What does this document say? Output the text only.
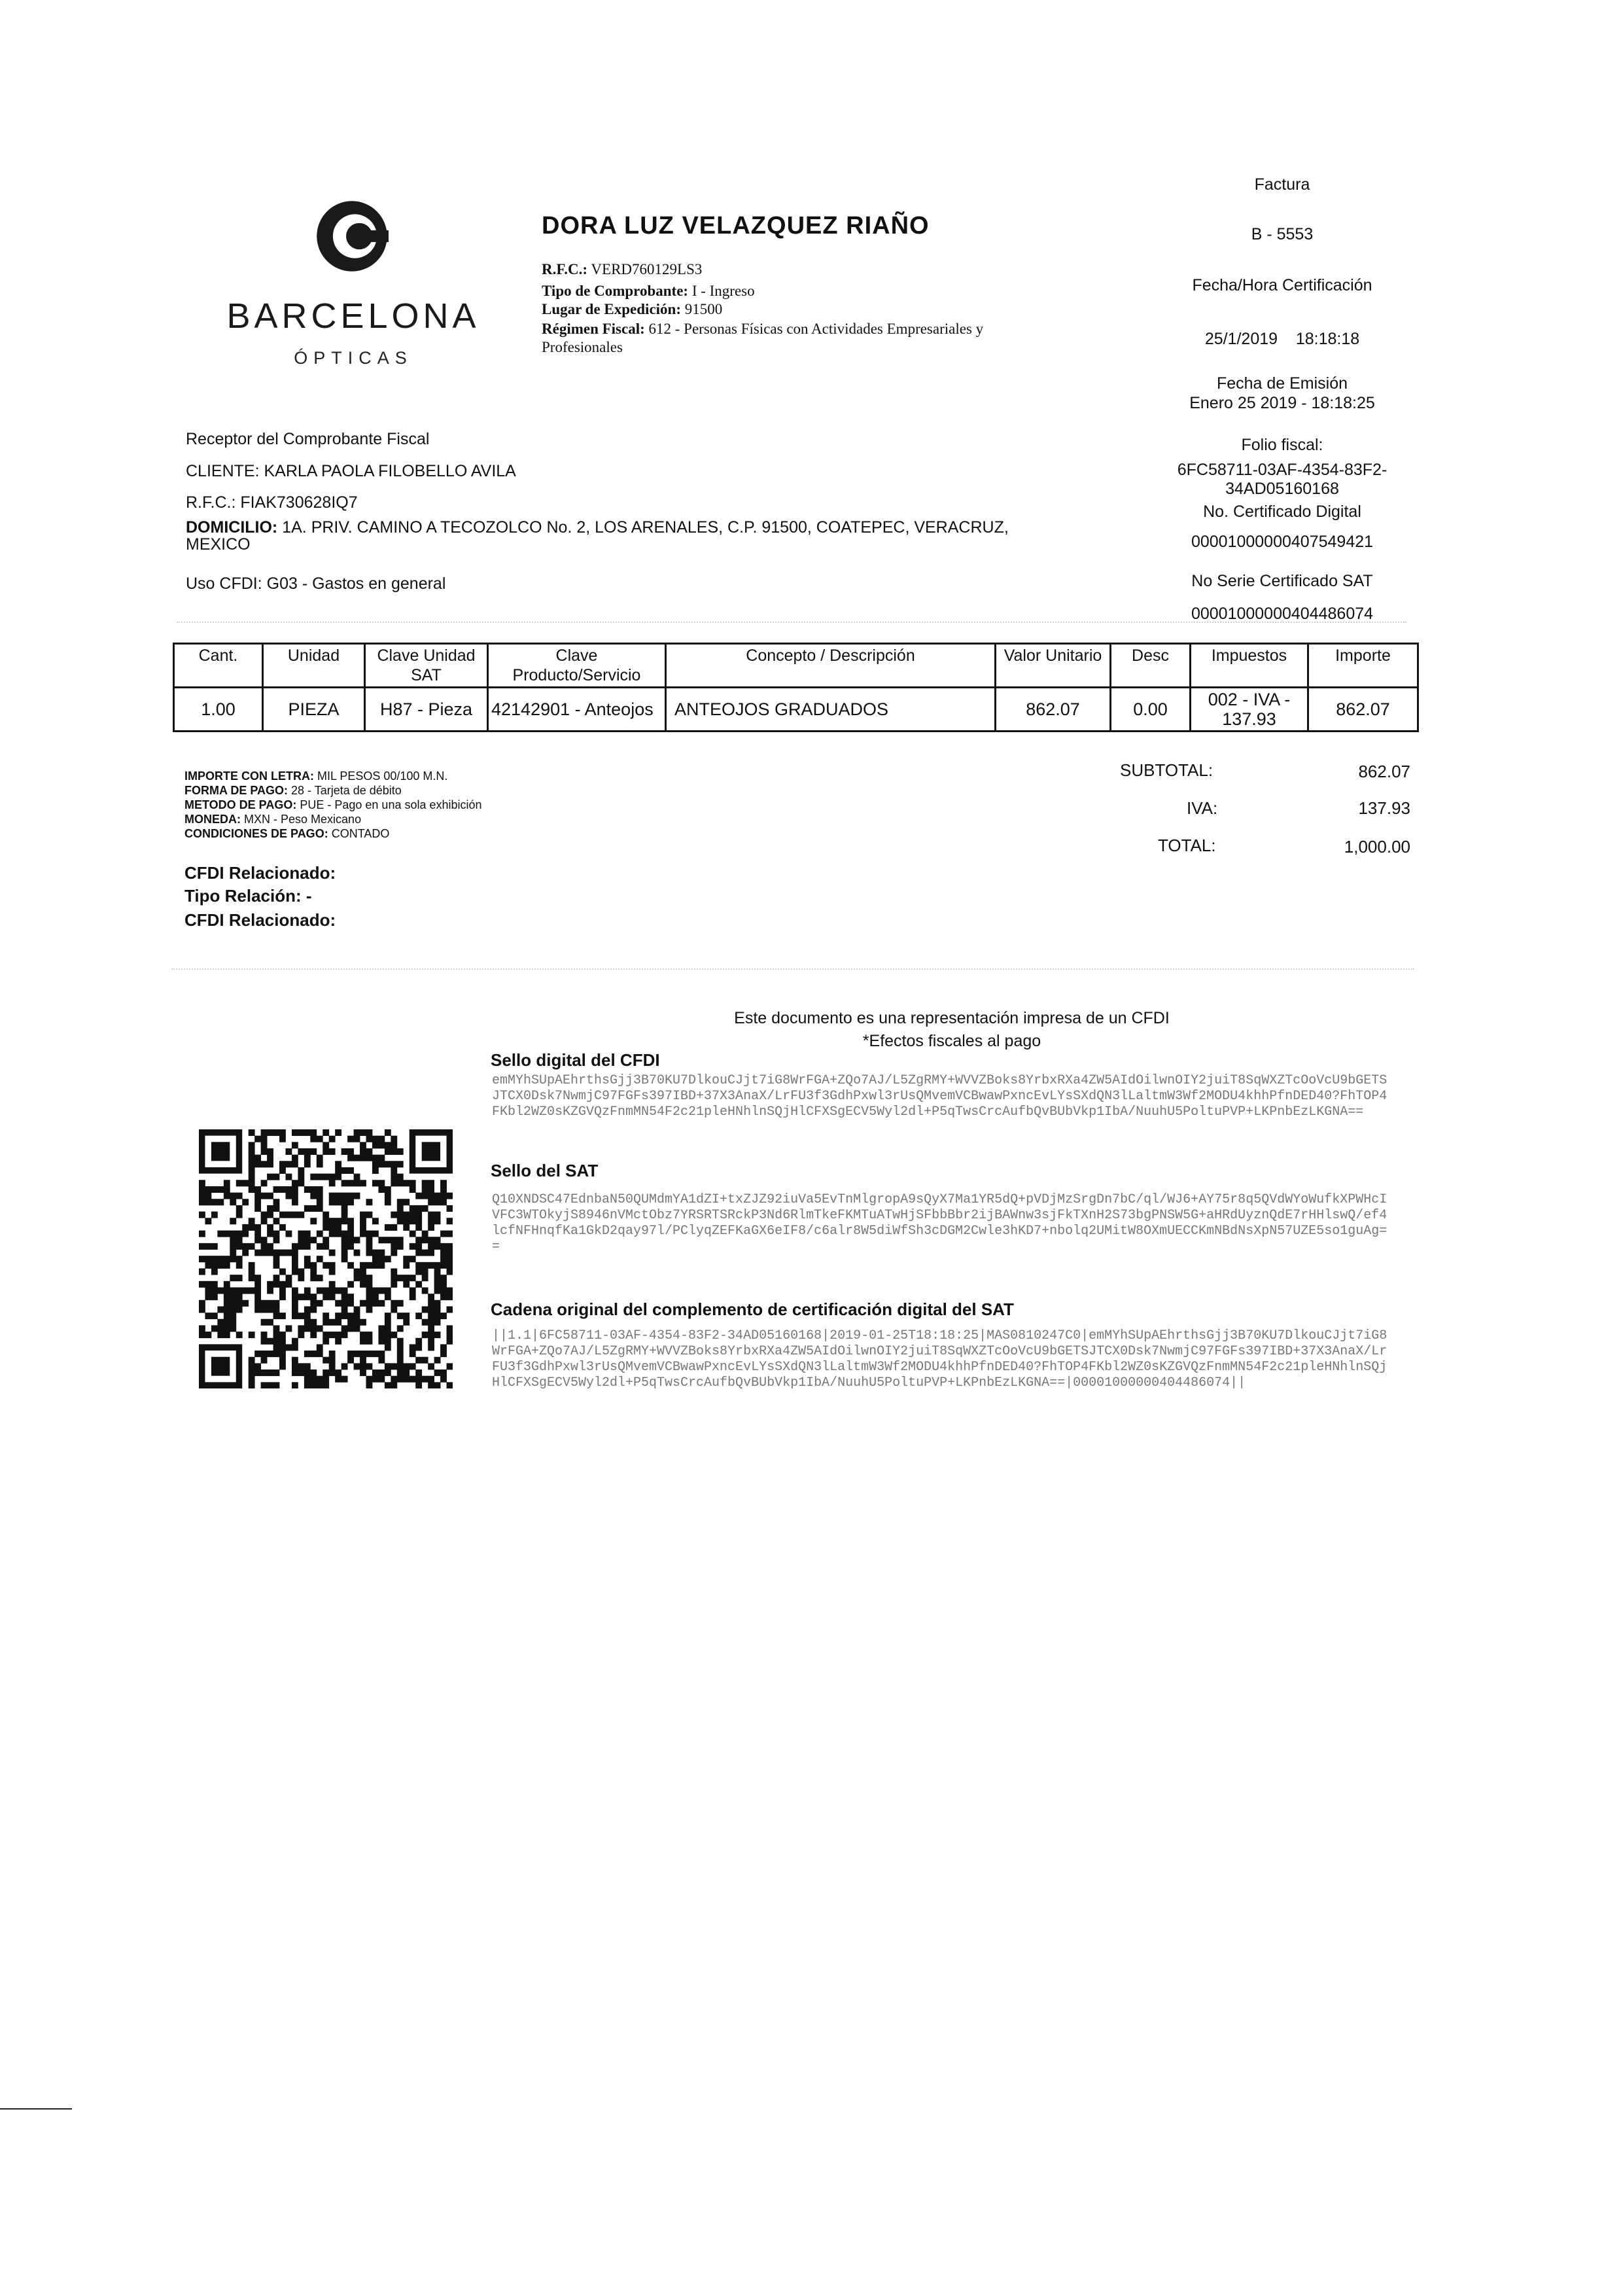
BARCELONA
ÓPTICAS
DORA LUZ VELAZQUEZ RIAÑO
R.F.C.: VERD760129LS3
Tipo de Comprobante: I - Ingreso
Lugar de Expedición: 91500
Régimen Fiscal: 612 - Personas Físicas con Actividades Empresariales y
Profesionales
Factura
B - 5553
Fecha/Hora Certificación
25/1/2019 18:18:18
Fecha de Emisión
Enero 25 2019 - 18:18:25
Folio fiscal:
6FC58711-03AF-4354-83F2-
34AD05160168
No. Certificado Digital
00001000000407549421
No Serie Certificado SAT
00001000000404486074
Receptor del Comprobante Fiscal
CLIENTE: KARLA PAOLA FILOBELLO AVILA
R.F.C.: FIAK730628IQ7
DOMICILIO: 1A. PRIV. CAMINO A TECOZOLCO No. 2, LOS ARENALES, C.P. 91500, COATEPEC, VERACRUZ,
MEXICO
Uso CFDI: G03 - Gastos en general
Cant.	Unidad	Clave Unidad SAT	Clave Producto/Servicio	Concepto / Descripción	Valor Unitario	Desc	Impuestos	Importe
1.00	PIEZA	H87 - Pieza	42142901 - Anteojos	ANTEOJOS GRADUADOS	862.07	0.00	002 - IVA - 137.93	862.07
IMPORTE CON LETRA: MIL PESOS 00/100 M.N.
FORMA DE PAGO: 28 - Tarjeta de débito
METODO DE PAGO: PUE - Pago en una sola exhibición
MONEDA: MXN - Peso Mexicano
CONDICIONES DE PAGO: CONTADO
SUBTOTAL:	862.07
IVA:	137.93
TOTAL:	1,000.00
CFDI Relacionado:
Tipo Relación: -
CFDI Relacionado:
Este documento es una representación impresa de un CFDI
*Efectos fiscales al pago
Sello digital del CFDI
emMYhSUpAEhrthsGjj3B70KU7DlkouCJjt7iG8WrFGA+ZQo7AJ/L5ZgRMY+WVVZBoks8YrbxRXa4ZW5AIdOilwnOIY2juiT8SqWXZTcOoVcU9bGETSJTCX0Dsk7NwmjC97FGFs397IBD+37X3AnaX/LrFU3f3GdhPxwl3rUsQMvemVCBwawPxncEvLYsSXdQN3lLaltmW3Wf2MODU4khhPfnDED40?FhTOP4FKbl2WZ0sKZGVQzFnmMN54F2c21pleHNhlnSQjHlCFXSgECV5Wyl2dl+P5qTwsCrcAufbQvBUbVkp1IbA/NuuhU5PoltuPVP+LKPnbEzLKGNA==
Sello del SAT
Q10XNDSC47EdnbaN50QUMdmYA1dZI+txZJZ92iuVa5EvTnMlgropA9sQyX7Ma1YR5dQ+pVDjMzSrgDn7bC/ql/WJ6+AY75r8q5QVdWYoWufkXPWHcIVFC3WTOkyjS8946nVMctObz7YRSRTSRckP3Nd6RlmTkeFKMTuATwHjSFbbBbr2ijBAWnw3sjFkTXnH2S73bgPNSW5G+aHRdUyznQdE7rHHlswQ/ef4lcfNFHnqfKa1GkD2qay97l/PClyqZEFKaGX6eIF8/c6alr8W5diWfSh3cDGM2Cwle3hKD7+nbolq2UMitW8OXmUECCKmNBdNsXpN57UZE5so1guAg==
Cadena original del complemento de certificación digital del SAT
||1.1|6FC58711-03AF-4354-83F2-34AD05160168|2019-01-25T18:18:25|MAS0810247C0|emMYhSUpAEhrthsGjj3B70KU7DlkouCJjt7iG8WrFGA+ZQo7AJ/L5ZgRMY+WVVZBoks8YrbxRXa4ZW5AIdOilwnOIY2juiT8SqWXZTcOoVcU9bGETSJTCX0Dsk7NwmjC97FGFs397IBD+37X3AnaX/LrFU3f3GdhPxwl3rUsQMvemVCBwawPxncEvLYsSXdQN3lLaltmW3Wf2MODU4khhPfnDED40?FhTOP4FKbl2WZ0sKZGVQzFnmMN54F2c21pleHNhlnSQjHlCFXSgECV5Wyl2dl+P5qTwsCrcAufbQvBUbVkp1IbA/NuuhU5PoltuPVP+LKPnbEzLKGNA==|00001000000404486074||
